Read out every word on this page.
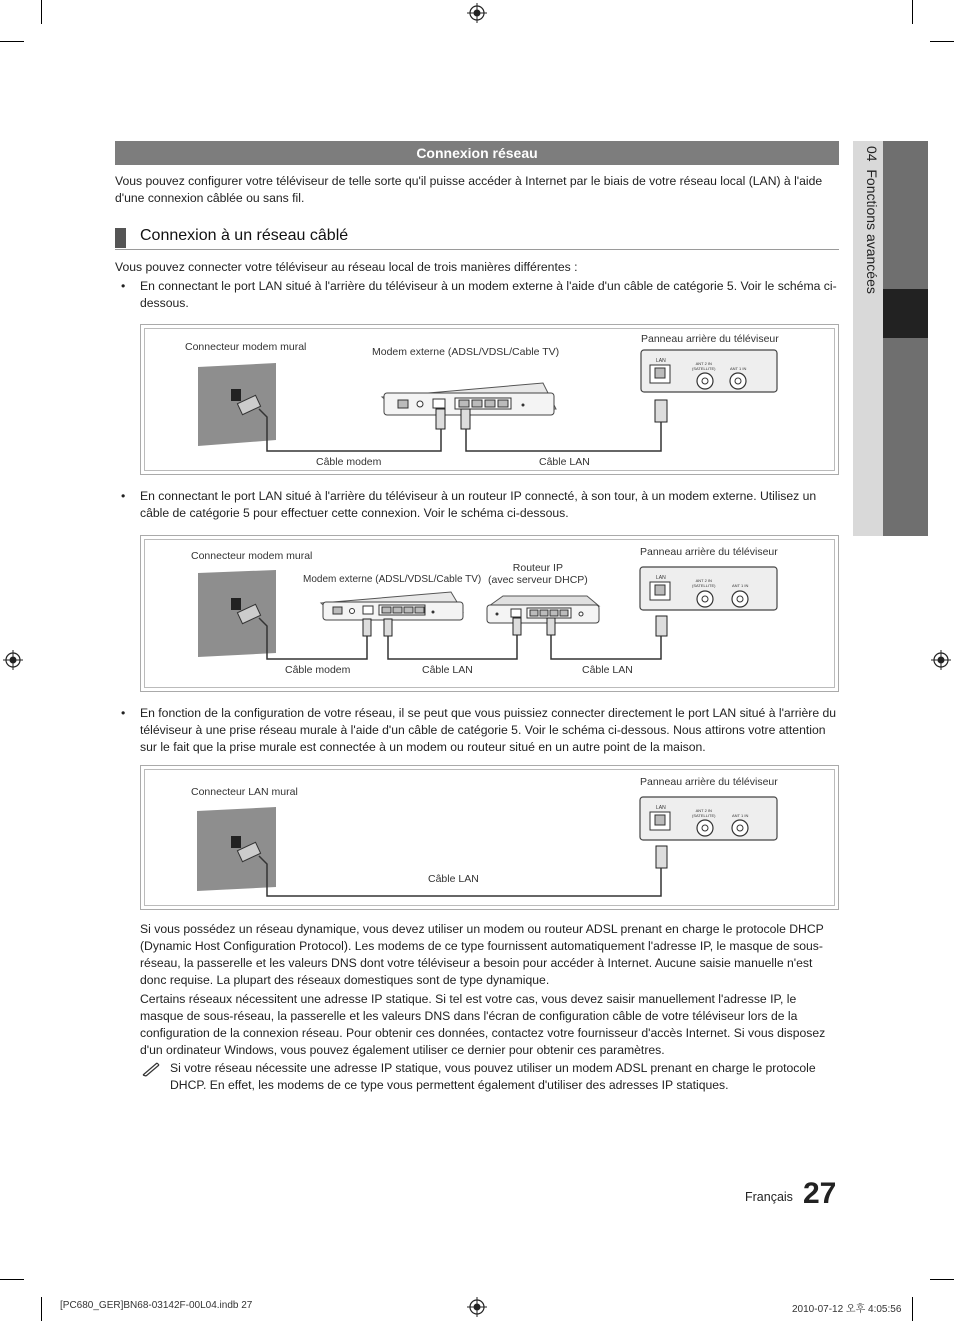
04  Fonctions avancées
Connexion réseau
Vous pouvez configurer votre téléviseur de telle sorte qu'il puisse accéder à Internet par le biais de votre réseau local (LAN) à l'aide d'une connexion câblée ou sans fil.
Connexion à un réseau câblé
Vous pouvez connecter votre téléviseur au réseau local de trois manières différentes :
• En connectant le port LAN situé à l'arrière du téléviseur à un modem externe à l'aide d'un câble de catégorie 5. Voir le schéma ci-dessous.
Connecteur modem mural	Modem externe (ADSL/VDSL/Cable TV)
Panneau arrière du téléviseur
LAN	ANT 2 IN
(SATELLITE)	ANT 1 IN
Câble modem	Câble LAN
• En connectant le port LAN situé à l'arrière du téléviseur à un routeur IP connecté, à son tour, à un modem externe. Utilisez un câble de catégorie 5 pour effectuer cette connexion. Voir le schéma ci-dessous.
Connecteur modem mural
Modem externe (ADSL/VDSL/Cable TV)
Routeur IP
(avec serveur DHCP)
Panneau arrière du téléviseur
LAN	ANT 2 IN
(SATELLITE)	ANT 1 IN
Câble modem	Câble LAN	Câble LAN
• En fonction de la configuration de votre réseau, il se peut que vous puissiez connecter directement le port LAN situé à l'arrière du téléviseur à une prise réseau murale à l'aide d'un câble de catégorie 5. Voir le schéma ci-dessous. Nous attirons votre attention sur le fait que la prise murale est connectée à un modem ou routeur situé en un autre point de la maison.
Connecteur LAN mural
Panneau arrière du téléviseur
LAN	ANT 2 IN
(SATELLITE)	ANT 1 IN
Câble LAN
Si vous possédez un réseau dynamique, vous devez utiliser un modem ou routeur ADSL prenant en charge le protocole DHCP (Dynamic Host Configuration Protocol). Les modems de ce type fournissent automatiquement l'adresse IP, le masque de sous-réseau, la passerelle et les valeurs DNS dont votre téléviseur a besoin pour accéder à Internet. Aucune saisie manuelle n'est donc requise. La plupart des réseaux domestiques sont de type dynamique.
Certains réseaux nécessitent une adresse IP statique. Si tel est votre cas, vous devez saisir manuellement l'adresse IP, le masque de sous-réseau, la passerelle et les valeurs DNS dans l'écran de configuration câble de votre téléviseur lors de la configuration de la connexion réseau. Pour obtenir ces données, contactez votre fournisseur d'accès Internet. Si vous disposez d'un ordinateur Windows, vous pouvez également utiliser ce dernier pour obtenir ces paramètres.
Si votre réseau nécessite une adresse IP statique, vous pouvez utiliser un modem ADSL prenant en charge le protocole DHCP. En effet, les modems de ce type vous permettent également d'utiliser des adresses IP statiques.
Français 27
[PC680_GER]BN68-03142F-00L04.indb 27	2010-07-12 오후 4:05:56
